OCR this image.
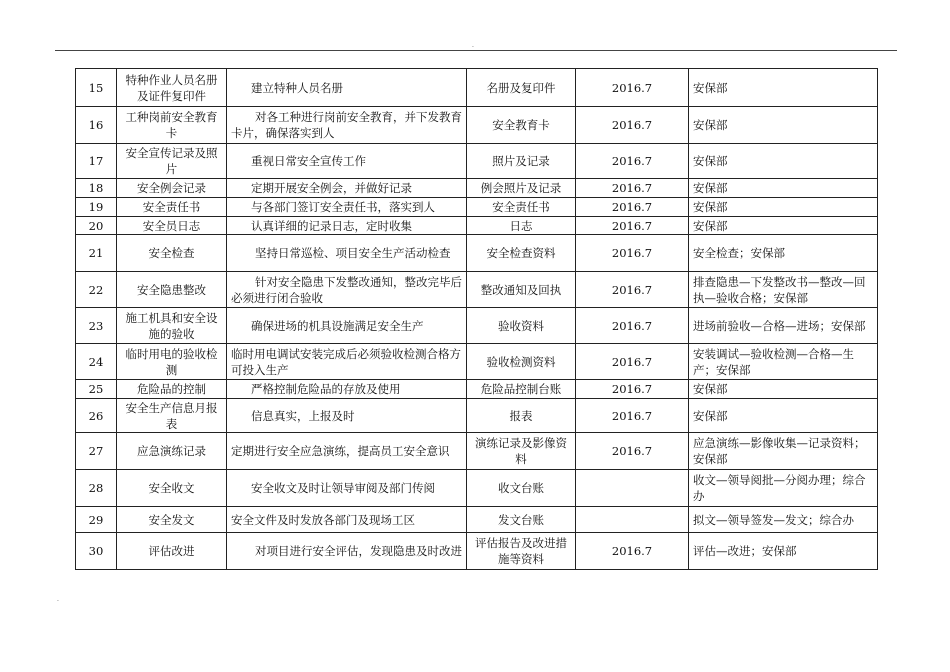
.
15	特种作业人员名册及证件复印件	建立特种人员名册	名册及复印件	2016.7	安保部
16	工种岗前安全教育卡	对各工种进行岗前安全教育，并下发教育卡片，确保落实到人	安全教育卡	2016.7	安保部
17	安全宣传记录及照片	重视日常安全宣传工作	照片及记录	2016.7	安保部
18	安全例会记录	定期开展安全例会，并做好记录	例会照片及记录	2016.7	安保部
19	安全责任书	与各部门签订安全责任书，落实到人	安全责任书	2016.7	安保部
20	安全员日志	认真详细的记录日志，定时收集	日志	2016.7	安保部
21	安全检查	坚持日常巡检、项目安全生产活动检查	安全检查资料	2016.7	安全检查；安保部
22	安全隐患整改	针对安全隐患下发整改通知，整改完毕后必须进行闭合验收	整改通知及回执	2016.7	排查隐患—下发整改书—整改—回执—验收合格；安保部
23	施工机具和安全设施的验收	确保进场的机具设施满足安全生产	验收资料	2016.7	进场前验收—合格—进场；安保部
24	临时用电的验收检测	临时用电调试安装完成后必须验收检测合格方可投入生产	验收检测资料	2016.7	安装调试—验收检测—合格—生产；安保部
25	危险品的控制	严格控制危险品的存放及使用	危险品控制台账	2016.7	安保部
26	安全生产信息月报表	信息真实，上报及时	报表	2016.7	安保部
27	应急演练记录	定期进行安全应急演练，提高员工安全意识	演练记录及影像资料	2016.7	应急演练—影像收集—记录资料；安保部
28	安全收文	安全收文及时让领导审阅及部门传阅	收文台账		收文—领导阅批—分阅办理；综合办
29	安全发文	安全文件及时发放各部门及现场工区	发文台账		拟文—领导签发—发文；综合办
30	评估改进	对项目进行安全评估，发现隐患及时改进	评估报告及改进措施等资料	2016.7	评估—改进；安保部
.
